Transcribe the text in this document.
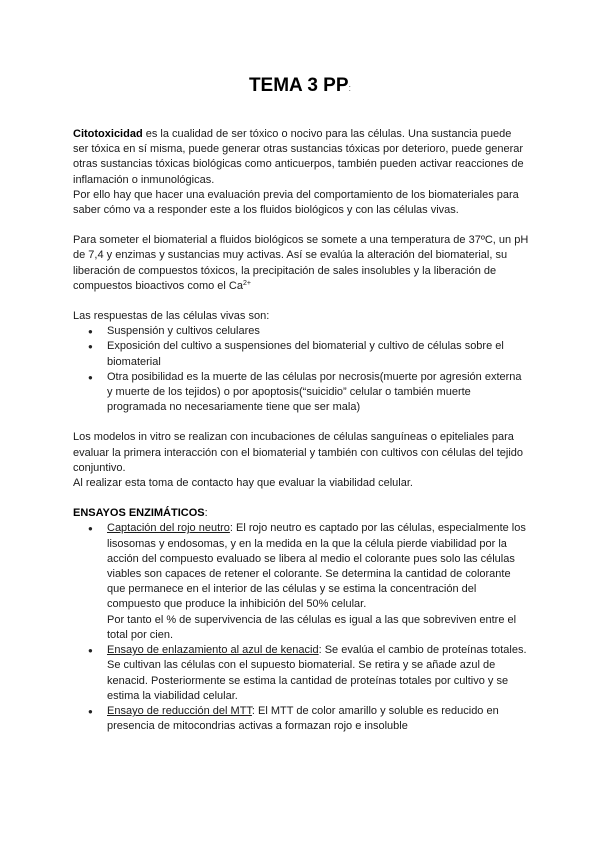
TEMA 3 PP:

Citotoxicidad es la cualidad de ser tóxico o nocivo para las células. Una sustancia puede ser tóxica en sí misma, puede generar otras sustancias tóxicas por deterioro, puede generar otras sustancias tóxicas biológicas como anticuerpos, también pueden activar reacciones de inflamación o inmunológicas.

Por ello hay que hacer una evaluación previa del comportamiento de los biomateriales para saber cómo va a responder este a los fluidos biológicos y con las células vivas.

Para someter el biomaterial a fluidos biológicos se somete a una temperatura de 37ºC, un pH de 7,4 y enzimas y sustancias muy activas. Así se evalúa la alteración del biomaterial, su liberación de compuestos tóxicos, la precipitación de sales insolubles y la liberación de compuestos bioactivos como el $Ca^{2+}$

Las respuestas de las células vivas son:

● Suspensión y cultivos celulares
● Exposición del cultivo a suspensiones del biomaterial y cultivo de células sobre el biomaterial
● Otra posibilidad es la muerte de las células por necrosis(muerte por agresión externa y muerte de los tejidos) o por apoptosis(“suicidio” celular o también muerte programada no necesariamente tiene que ser mala)

Los modelos in vitro se realizan con incubaciones de células sanguíneas o epiteliales para evaluar la primera interacción con el biomaterial y también con cultivos con células del tejido conjuntivo.

Al realizar esta toma de contacto hay que evaluar la viabilidad celular.

ENSAYOS ENZIMÁTICOS:

● Captación del rojo neutro: El rojo neutro es captado por las células, especialmente los lisosomas y endosomas, y en la medida en la que la célula pierde viabilidad por la acción del compuesto evaluado se libera al medio el colorante pues solo las células viables son capaces de retener el colorante. Se determina la cantidad de colorante que permanece en el interior de las células y se estima la concentración del compuesto que produce la inhibición del 50% celular.

Por tanto el % de supervivencia de las células es igual a las que sobreviven entre el total por cien.

● Ensayo de enlazamiento al azul de kenacid: Se evalúa el cambio de proteínas totales. Se cultivan las células con el supuesto biomaterial. Se retira y se añade azul de kenacid. Posteriormente se estima la cantidad de proteínas totales por cultivo y se estima la viabilidad celular.
● Ensayo de reducción del MTT: El MTT de color amarillo y soluble es reducido en presencia de mitocondrias activas a formazan rojo e insoluble
